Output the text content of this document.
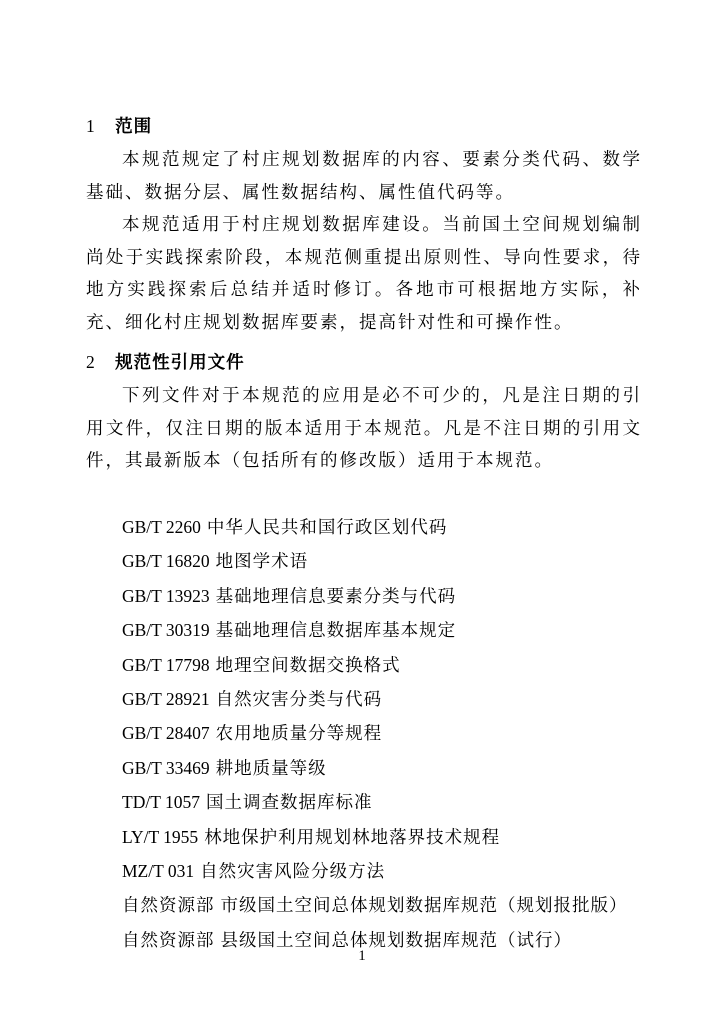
1 范围

本规范规定了村庄规划数据库的内容、要素分类代码、数学基础、数据分层、属性数据结构、属性值代码等。

本规范适用于村庄规划数据库建设。当前国土空间规划编制尚处于实践探索阶段，本规范侧重提出原则性、导向性要求，待地方实践探索后总结并适时修订。各地市可根据地方实际，补充、细化村庄规划数据库要素，提高针对性和可操作性。

2 规范性引用文件

下列文件对于本规范的应用是必不可少的，凡是注日期的引用文件，仅注日期的版本适用于本规范。凡是不注日期的引用文件，其最新版本（包括所有的修改版）适用于本规范。

GB/T 2260 中华人民共和国行政区划代码
GB/T 16820 地图学术语
GB/T 13923 基础地理信息要素分类与代码
GB/T 30319 基础地理信息数据库基本规定
GB/T 17798 地理空间数据交换格式
GB/T 28921 自然灾害分类与代码
GB/T 28407 农用地质量分等规程
GB/T 33469 耕地质量等级
TD/T 1057 国土调查数据库标准
LY/T 1955 林地保护利用规划林地落界技术规程
MZ/T 031 自然灾害风险分级方法
自然资源部 市级国土空间总体规划数据库规范（规划报批版）
自然资源部 县级国土空间总体规划数据库规范（试行）
1
